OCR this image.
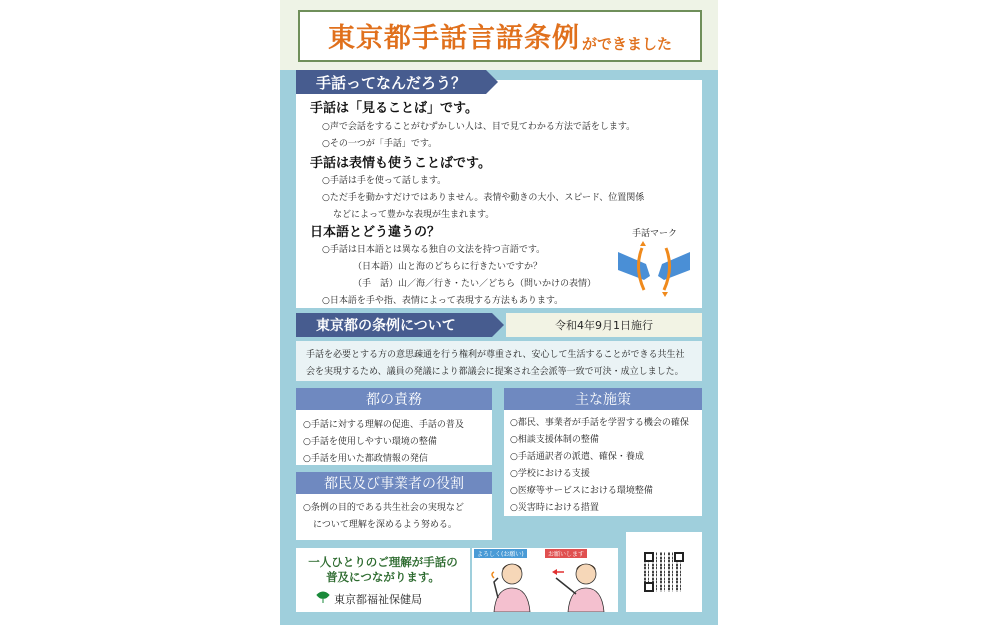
東京都手話言語条例 ができました
手話ってなんだろう？
手話は「見ることば」です。
○声で会話をすることがむずかしい人は、目で見てわかる方法で話をします。
○その一つが「手話」です。
手話は表情も使うことばです。
○手話は手を使って話します。
○ただ手を動かすだけではありません。表情や動きの大小、スピード、位置関係
などによって豊かな表現が生まれます。
日本語とどう違うの？
○手話は日本語とは異なる独自の文法を持つ言語です。
（日本語）山と海のどちらに行きたいですか？
（手　話）山／海／行き・たい／どちら（問いかけの表情）
○日本語を手や指、表情によって表現する方法もあります。
手話マーク
東京都の条例について	令和4年9月1日施行
手話を必要とする方の意思疎通を行う権利が尊重され、安心して生活することができる共生社
会を実現するため、議員の発議により都議会に提案され全会派等一致で可決・成立しました。
都の責務
○手話に対する理解の促進、手話の普及
○手話を使用しやすい環境の整備
○手話を用いた都政情報の発信
都民及び事業者の役割
○条例の目的である共生社会の実現など
について理解を深めるよう努める。
主な施策
○都民、事業者が手話を学習する機会の確保
○相談支援体制の整備
○手話通訳者の派遣、確保・養成
○学校における支援
○医療等サービスにおける環境整備
○災害時における措置
一人ひとりのご理解が手話の
普及につながります。
東京都福祉保健局
よろしく(お願い)	お願いします
